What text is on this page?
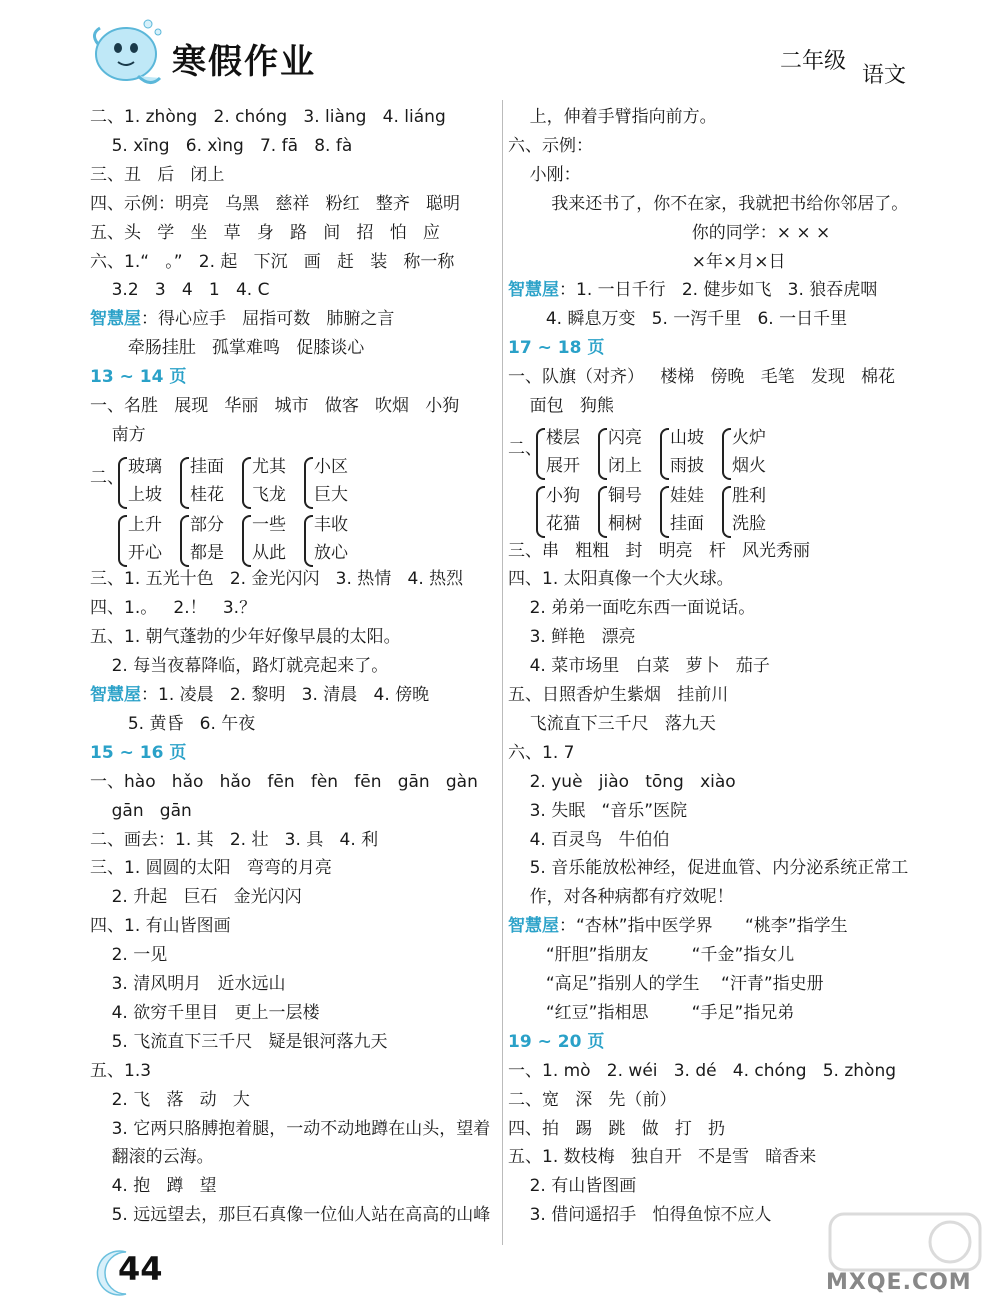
寒假作业	二年级
语文
二、1. zhòng   2. chóng   3. liàng   4. liáng
5. xīng   6. xìng   7. fā   8. fà
三、丑   后   闭上
四、示例：明亮   乌黑   慈祥   粉红   整齐   聪明
五、头   学   坐   草   身   路   间   招   怕   应
六、1.“   。”   2. 起   下沉   画   赶   装   称一称
3.2   3   4   1   4. C
智慧屋：得心应手   屈指可数   肺腑之言
牵肠挂肚   孤掌难鸣   促膝谈心
13 ~ 14 页
一、名胜   展现   华丽   城市   做客   吹烟   小狗
南方
三、1. 五光十色   2. 金光闪闪   3. 热情   4. 热烈
四、1.。   2.！   3.？
五、1. 朝气蓬勃的少年好像早晨的太阳。
2. 每当夜幕降临，路灯就亮起来了。
智慧屋：1. 凌晨   2. 黎明   3. 清晨   4. 傍晚
5. 黄昏   6. 午夜
15 ~ 16 页
一、hào   hǎo   hǎo   fēn   fèn   fēn   gān   gàn
gān   gān
二、画去：1. 其   2. 壮   3. 具   4. 利
三、1. 圆圆的太阳   弯弯的月亮
2. 升起   巨石   金光闪闪
四、1. 有山皆图画
2. 一见
3. 清风明月   近水远山
4. 欲穷千里目   更上一层楼
5. 飞流直下三千尺   疑是银河落九天
五、1.3
2. 飞   落   动   大
3. 它两只胳膊抱着腿，一动不动地蹲在山头，望着
翻滚的云海。
4. 抱   蹲   望
5. 远远望去，那巨石真像一位仙人站在高高的山峰
二、
玻璃
上坡
挂面
桂花
尤其
飞龙
小区
巨大
上升
开心
部分
都是
一些
从此
丰收
放心
上，伸着手臂指向前方。
六、示例：
小刚：
我来还书了，你不在家，我就把书给你邻居了。
你的同学：× × ×
×年×月×日
智慧屋：1. 一日千行   2. 健步如飞   3. 狼吞虎咽
4. 瞬息万变   5. 一泻千里   6. 一日千里
17 ~ 18 页
一、队旗（对齐）   楼梯   傍晚   毛笔   发现   棉花
面包   狗熊
三、串   粗粗   封   明亮   杆   风光秀丽
四、1. 太阳真像一个大火球。
2. 弟弟一面吃东西一面说话。
3. 鲜艳   漂亮
4. 菜市场里   白菜   萝卜   茄子
五、日照香炉生紫烟   挂前川
飞流直下三千尺   落九天
六、1. 7
2. yuè   jiào   tōng   xiào
3. 失眠   “音乐”医院
4. 百灵鸟   牛伯伯
5. 音乐能放松神经，促进血管、内分泌系统正常工
作，对各种病都有疗效呢！
智慧屋：“杏林”指中医学界      “桃李”指学生
“肝胆”指朋友        “千金”指女儿
“高足”指别人的学生    “汗青”指史册
“红豆”指相思        “手足”指兄弟
19 ~ 20 页
一、1. mò   2. wéi   3. dé   4. chóng   5. zhòng
二、宽   深   先（前）
四、拍   踢   跳   做   打   扔
五、1. 数枝梅   独自开   不是雪   暗香来
2. 有山皆图画
3. 借问遥招手   怕得鱼惊不应人
二、
楼层
展开
闪亮
闭上
山坡
雨披
火炉
烟火
小狗
花猫
铜号
桐树
娃娃
挂面
胜利
洗脸
44	MXQE.COM
